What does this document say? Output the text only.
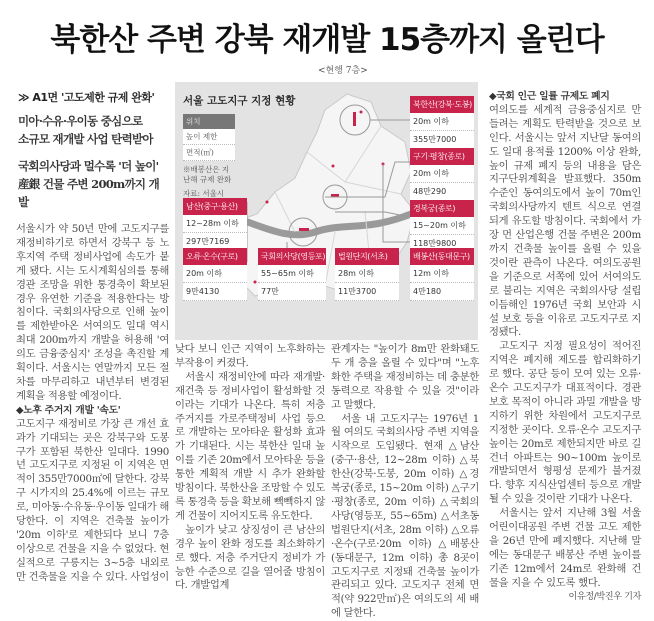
북한산 주변 강북 재개발 15층까지 올린다
<현행 7층>
≫ A1면 '고도제한 규제 완화'
미아·수유·우이동 중심으로
소규모 재개발 사업 탄력받아
국회의사당과 멀수록 '더 높이'
産銀 건물 주변 200m까지 개발

서울시가 약 50년 만에 고도지구를 재정비하기로 하면서 강북구 등 노후지역 주택 정비사업에 속도가 붙게 됐다. 시는 도시계획심의를 통해 경관 조망을 위한 통경축이 확보된 경우 유연한 기준을 적용한다는 방침이다. 국회의사당으로 인해 높이를 제한받아온 서여의도 일대 역시 최대 200m까지 개발을 허용해 '여의도 금융중심지' 조성을 촉진할 계획이다. 서울시는 연말까지 모든 절차를 마무리하고 내년부터 변경된 계획을 적용할 예정이다.

◆노후 주거지 개발 '속도'

고도지구 재정비로 가장 큰 개선 효과가 기대되는 곳은 강북구와 도봉구가 포함된 북한산 일대다. 1990년 고도지구로 지정된 이 지역은 면적이 355만7000㎡에 달한다. 강북구 시가지의 25.4%에 이르는 규모로, 미아동·수유동·우이동 일대가 해당한다. 이 지역은 건축물 높이가 '20m 이하'로 제한되다 보니 7층 이상으로 건물을 지을 수 없었다. 현실적으로 구릉지는 3~5층 내외로만 건축물을 지을 수 있다. 사업성이

서울 고도지구 지정 현황
위치
높이 제한
면적(㎡)
※배봉산은 지난해 규제 완화
자료: 서울시
남산(중구·용산)
12~28m 이하
297만7169
북한산(강북·도봉)
20m 이하
355만7000
구기·평창(종로)
20m 이하
48만290
경복궁(종로)
15~20m 이하
118만9800
오류·온수(구로)
20m 이하
9만4130
국회의사당(영등포)
55~65m 이하
77만
법원단지(서초)
28m 이하
11만3700
배봉산(동대문구)
12m 이하
4만180

낮다 보니 인근 지역이 노후화하는 부작용이 커졌다.

서울시 재정비안에 따라 재개발·재건축 등 정비사업이 활성화할 것이라는 기대가 나온다. 특히 저층 주거지를 가로주택정비 사업 등으로 개발하는 모아타운 활성화 효과가 기대된다. 시는 북한산 일대 높이를 기존 20m에서 모아타운 등을 통한 계획적 개발 시 추가 완화할 방침이다. 북한산을 조망할 수 있도록 통경축 등을 확보해 빽빽하지 않게 건물이 지어지도록 유도한다.

높이가 낮고 상징성이 큰 남산의 경우 높이 완화 정도를 최소화하기로 했다. 저층 주거단지 정비가 가능한 수준으로 길을 열어줄 방침이다. 개발업계

관계자는 "높이가 8m만 완화돼도 두 개 층을 올릴 수 있다"며 "노후화한 주택을 재정비하는 데 충분한 동력으로 작용할 수 있을 것"이라고 말했다.

서울 내 고도지구는 1976년 1월 여의도 국회의사당 주변 지역을 시작으로 도입됐다. 현재 △남산(중구·용산, 12~28m 이하) △북한산(강북·도봉, 20m 이하) △경복궁(종로, 15~20m 이하) △구기·평창(종로, 20m 이하) △국회의사당(영등포, 55~65m) △서초동 법원단지(서초, 28m 이하) △오류·온수(구로·20m 이하) △배봉산(동대문구, 12m 이하) 총 8곳이 고도지구로 지정돼 건축물 높이가 관리되고 있다. 고도지구 전체 면적(약 922만㎡)은 여의도의 세 배에 달한다.

◆국회 인근 일률 규제도 폐지

여의도를 세계적 금융중심지로 만들려는 계획도 탄력받을 것으로 보인다. 서울시는 앞서 지난달 동여의도 일대 용적률 1200% 이상 완화, 높이 규제 폐지 등의 내용을 담은 지구단위계획을 발표했다. 350m 수준인 동여의도에서 높이 70m인 국회의사당까지 텐트 식으로 연결되게 유도할 방침이다. 국회에서 가장 먼 산업은행 건물 주변은 200m까지 건축물 높이를 올릴 수 있을 것이란 관측이 나온다. 여의도공원을 기준으로 서쪽에 있어 서여의도로 불리는 지역은 국회의사당 설립 이듬해인 1976년 국회 보안과 시설 보호 등을 이유로 고도지구로 지정됐다.

고도지구 지정 필요성이 적어진 지역은 폐지해 제도를 합리화하기로 했다. 공단 등이 모여 있는 오류·온수 고도지구가 대표적이다. 경관 보호 목적이 아니라 과밀 개발을 방지하기 위한 차원에서 고도지구로 지정한 곳이다. 오류·온수 고도지구 높이는 20m로 제한되지만 바로 길 건너 아파트는 90~100m 높이로 개발되면서 형평성 문제가 불거졌다. 향후 지식산업센터 등으로 개발될 수 있을 것이란 기대가 나온다.

서울시는 앞서 지난해 3월 서울어린이대공원 주변 건물 고도 제한을 26년 만에 폐지했다. 지난해 말에는 동대문구 배봉산 주변 높이를 기존 12m에서 24m로 완화해 건물을 지을 수 있도록 했다.
이유정/박진우 기자
